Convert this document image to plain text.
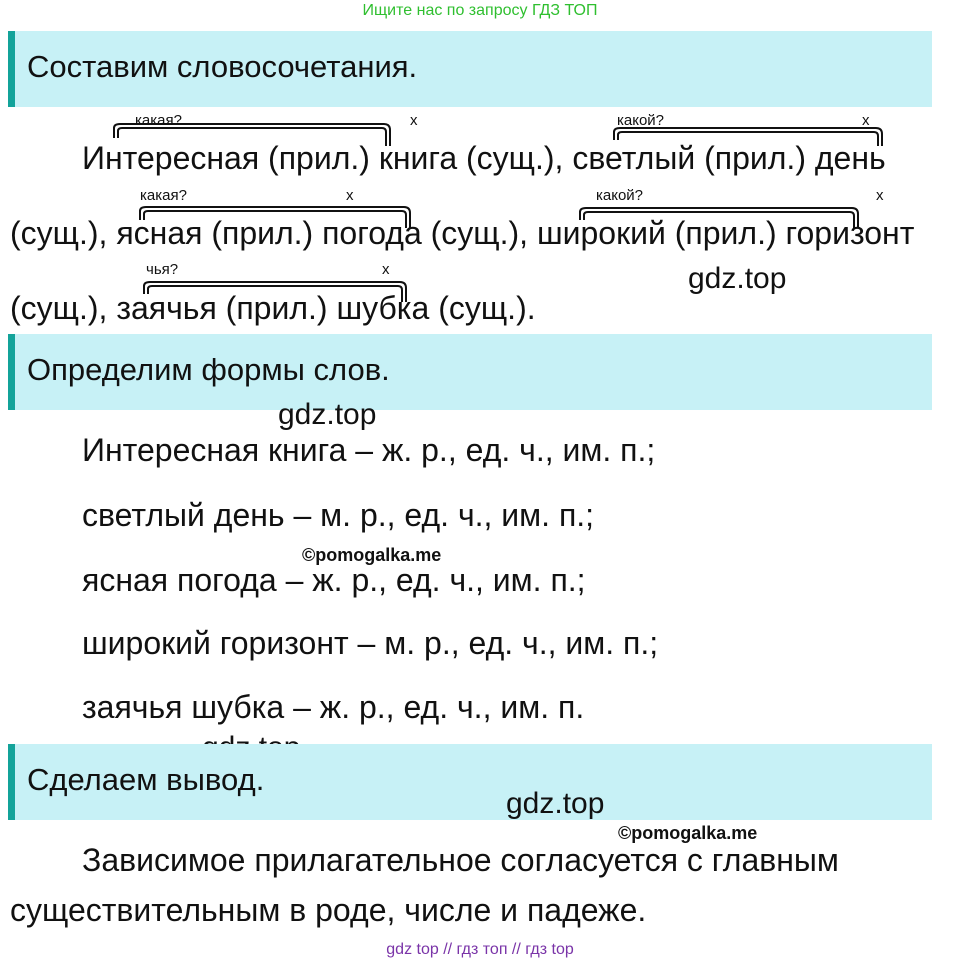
Ищите нас по запросу ГДЗ ТОП
Составим словосочетания.
какая?	x	какой?	x
какая?	x	какой?	x
чья?	x
Интересная (прил.) книга (сущ.), светлый (прил.) день
(сущ.), ясная (прил.) погода (сущ.), широкий (прил.) горизонт
(сущ.), заячья (прил.) шубка (сущ.).
gdz.top
Определим формы слов.
gdz.top
Интересная книга – ж. р., ед. ч., им. п.;
светлый день – м. р., ед. ч., им. п.;
©pomogalka.me
ясная погода – ж. р., ед. ч., им. п.;
широкий горизонт – м. р., ед. ч., им. п.;
заячья шубка – ж. р., ед. ч., им. п.
Сделаем вывод.
gdz.top
©pomogalka.me
Зависимое прилагательное согласуется с главным
существительным в роде, числе и падеже.
gdz top // гдз топ // гдз top
